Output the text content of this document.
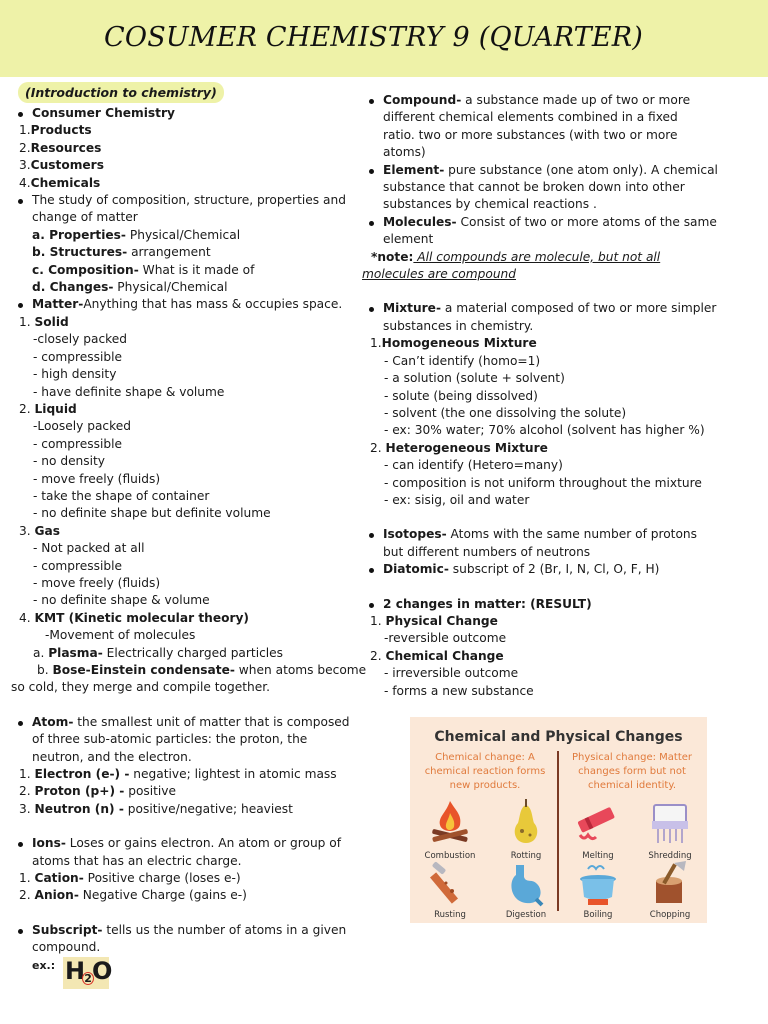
COSUMER CHEMISTRY 9 (QUARTER)
(Introduction to chemistry)
Consumer Chemistry
1.Products
2.Resources
3.Customers
4.Chemicals
The study of composition, structure, properties and
change of matter
a. Properties- Physical/Chemical
b. Structures- arrangement
c. Composition- What is it made of
d. Changes- Physical/Chemical
Matter-Anything that has mass & occupies space.
1. Solid
-closely packed
- compressible
- high density
- have definite shape & volume
2. Liquid
-Loosely packed
- compressible
- no density
- move freely (fluids)
- take the shape of container
- no definite shape but definite volume
3. Gas
- Not packed at all
- compressible
- move freely (fluids)
- no definite shape & volume
4. KMT (Kinetic molecular theory)
-Movement of molecules
a. Plasma- Electrically charged particles
b. Bose-Einstein condensate- when atoms become
so cold, they merge and compile together.
Atom- the smallest unit of matter that is composed
of three sub-atomic particles: the proton, the
neutron, and the electron.
1. Electron (e-) - negative; lightest in atomic mass
2. Proton (p+) - positive
3. Neutron (n) - positive/negative; heaviest
Ions- Loses or gains electron. An atom or group of
atoms that has an electric charge.
1. Cation- Positive charge (loses e-)
2. Anion- Negative Charge (gains e-)
Subscript- tells us the number of atoms in a given
compound.
ex.: H 2 O
Compound- a substance made up of two or more
different chemical elements combined in a fixed
ratio. two or more substances (with two or more
atoms)
Element- pure substance (one atom only). A chemical
substance that cannot be broken down into other
substances by chemical reactions .
Molecules- Consist of two or more atoms of the same
element
*note: All compounds are molecule, but not all
molecules are compound
Mixture- a material composed of two or more simpler
substances in chemistry.
1.Homogeneous Mixture
- Can’t identify (homo=1)
- a solution (solute + solvent)
- solute (being dissolved)
- solvent (the one dissolving the solute)
- ex: 30% water; 70% alcohol (solvent has higher %)
2. Heterogeneous Mixture
- can identify (Hetero=many)
- composition is not uniform throughout the mixture
- ex: sisig, oil and water
Isotopes- Atoms with the same number of protons
but different numbers of neutrons
Diatomic- subscript of 2 (Br, I, N, Cl, O, F, H)
2 changes in matter: (RESULT)
1. Physical Change
-reversible outcome
2. Chemical Change
- irreversible outcome
- forms a new substance
Chemical and Physical Changes
Chemical change: A chemical reaction forms new products.
Physical change: Matter changes form but not chemical identity.
Combustion	Rotting	Melting	Shredding
Rusting	Digestion	Boiling	Chopping
